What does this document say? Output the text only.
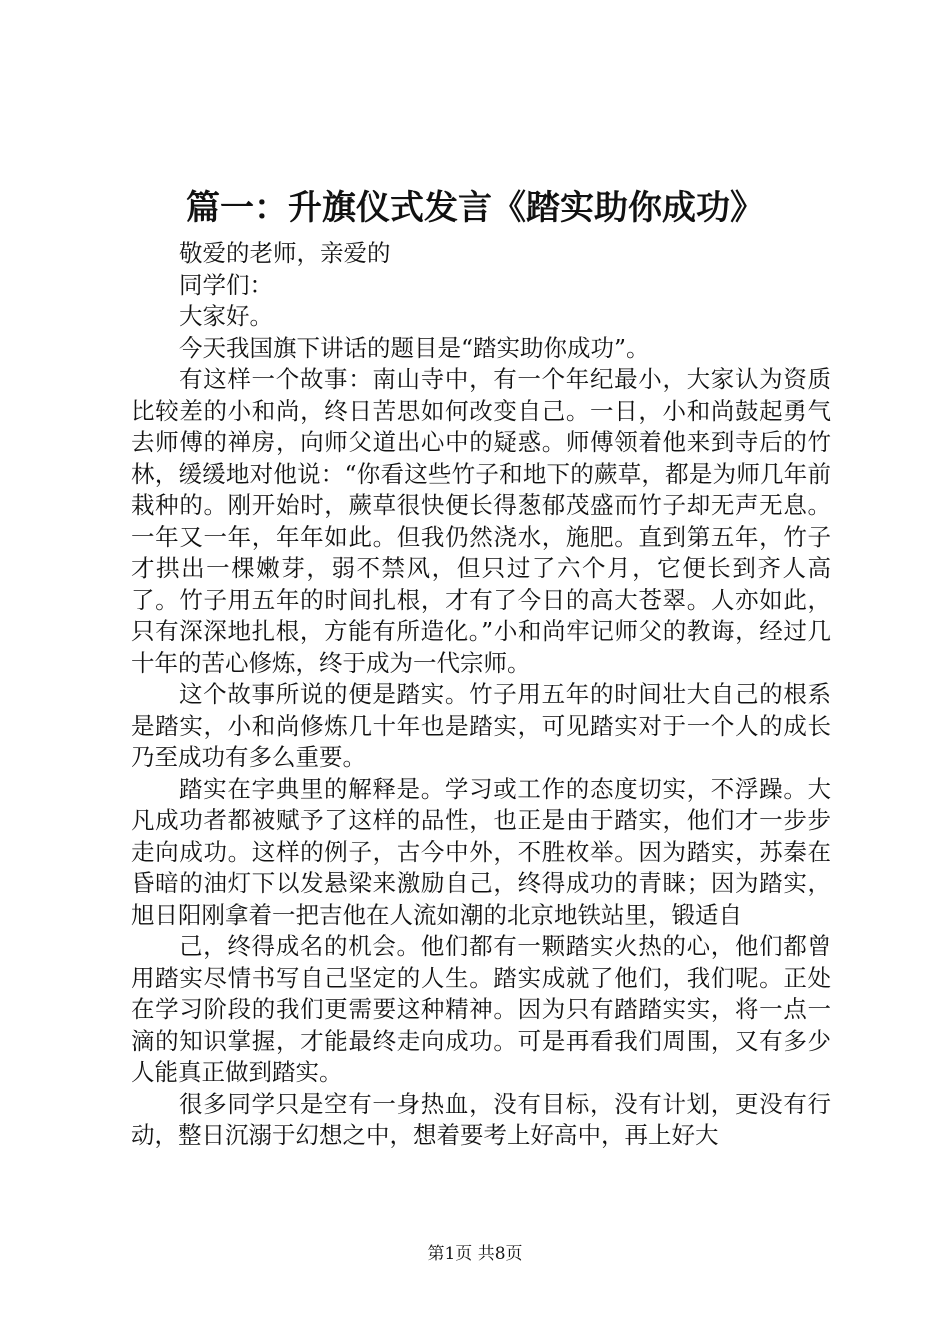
篇一：升旗仪式发言《踏实助你成功》

敬爱的老师，亲爱的

同学们：

大家好。

今天我国旗下讲话的题目是“踏实助你成功”。

有这样一个故事：南山寺中，有一个年纪最小，大家认为资质比较差的小和尚，终日苦思如何改变自己。一日，小和尚鼓起勇气去师傅的禅房，向师父道出心中的疑惑。师傅领着他来到寺后的竹林，缓缓地对他说：“你看这些竹子和地下的蕨草，都是为师几年前栽种的。刚开始时，蕨草很快便长得葱郁茂盛而竹子却无声无息。一年又一年，年年如此。但我仍然浇水，施肥。直到第五年，竹子才拱出一棵嫩芽，弱不禁风，但只过了六个月，它便长到齐人高了。竹子用五年的时间扎根，才有了今日的高大苍翠。人亦如此，只有深深地扎根，方能有所造化。”小和尚牢记师父的教诲，经过几十年的苦心修炼，终于成为一代宗师。

这个故事所说的便是踏实。竹子用五年的时间壮大自己的根系是踏实，小和尚修炼几十年也是踏实，可见踏实对于一个人的成长乃至成功有多么重要。

踏实在字典里的解释是。学习或工作的态度切实，不浮躁。大凡成功者都被赋予了这样的品性，也正是由于踏实，他们才一步步走向成功。这样的例子，古今中外，不胜枚举。因为踏实，苏秦在昏暗的油灯下以发悬梁来激励自己，终得成功的青睐；因为踏实，旭日阳刚拿着一把吉他在人流如潮的北京地铁站里，锻适自

己，终得成名的机会。他们都有一颗踏实火热的心，他们都曾用踏实尽情书写自己坚定的人生。踏实成就了他们，我们呢。正处在学习阶段的我们更需要这种精神。因为只有踏踏实实，将一点一滴的知识掌握，才能最终走向成功。可是再看我们周围，又有多少人能真正做到踏实。

很多同学只是空有一身热血，没有目标，没有计划，更没有行动，整日沉溺于幻想之中，想着要考上好高中，再上好大

第1页 共8页
